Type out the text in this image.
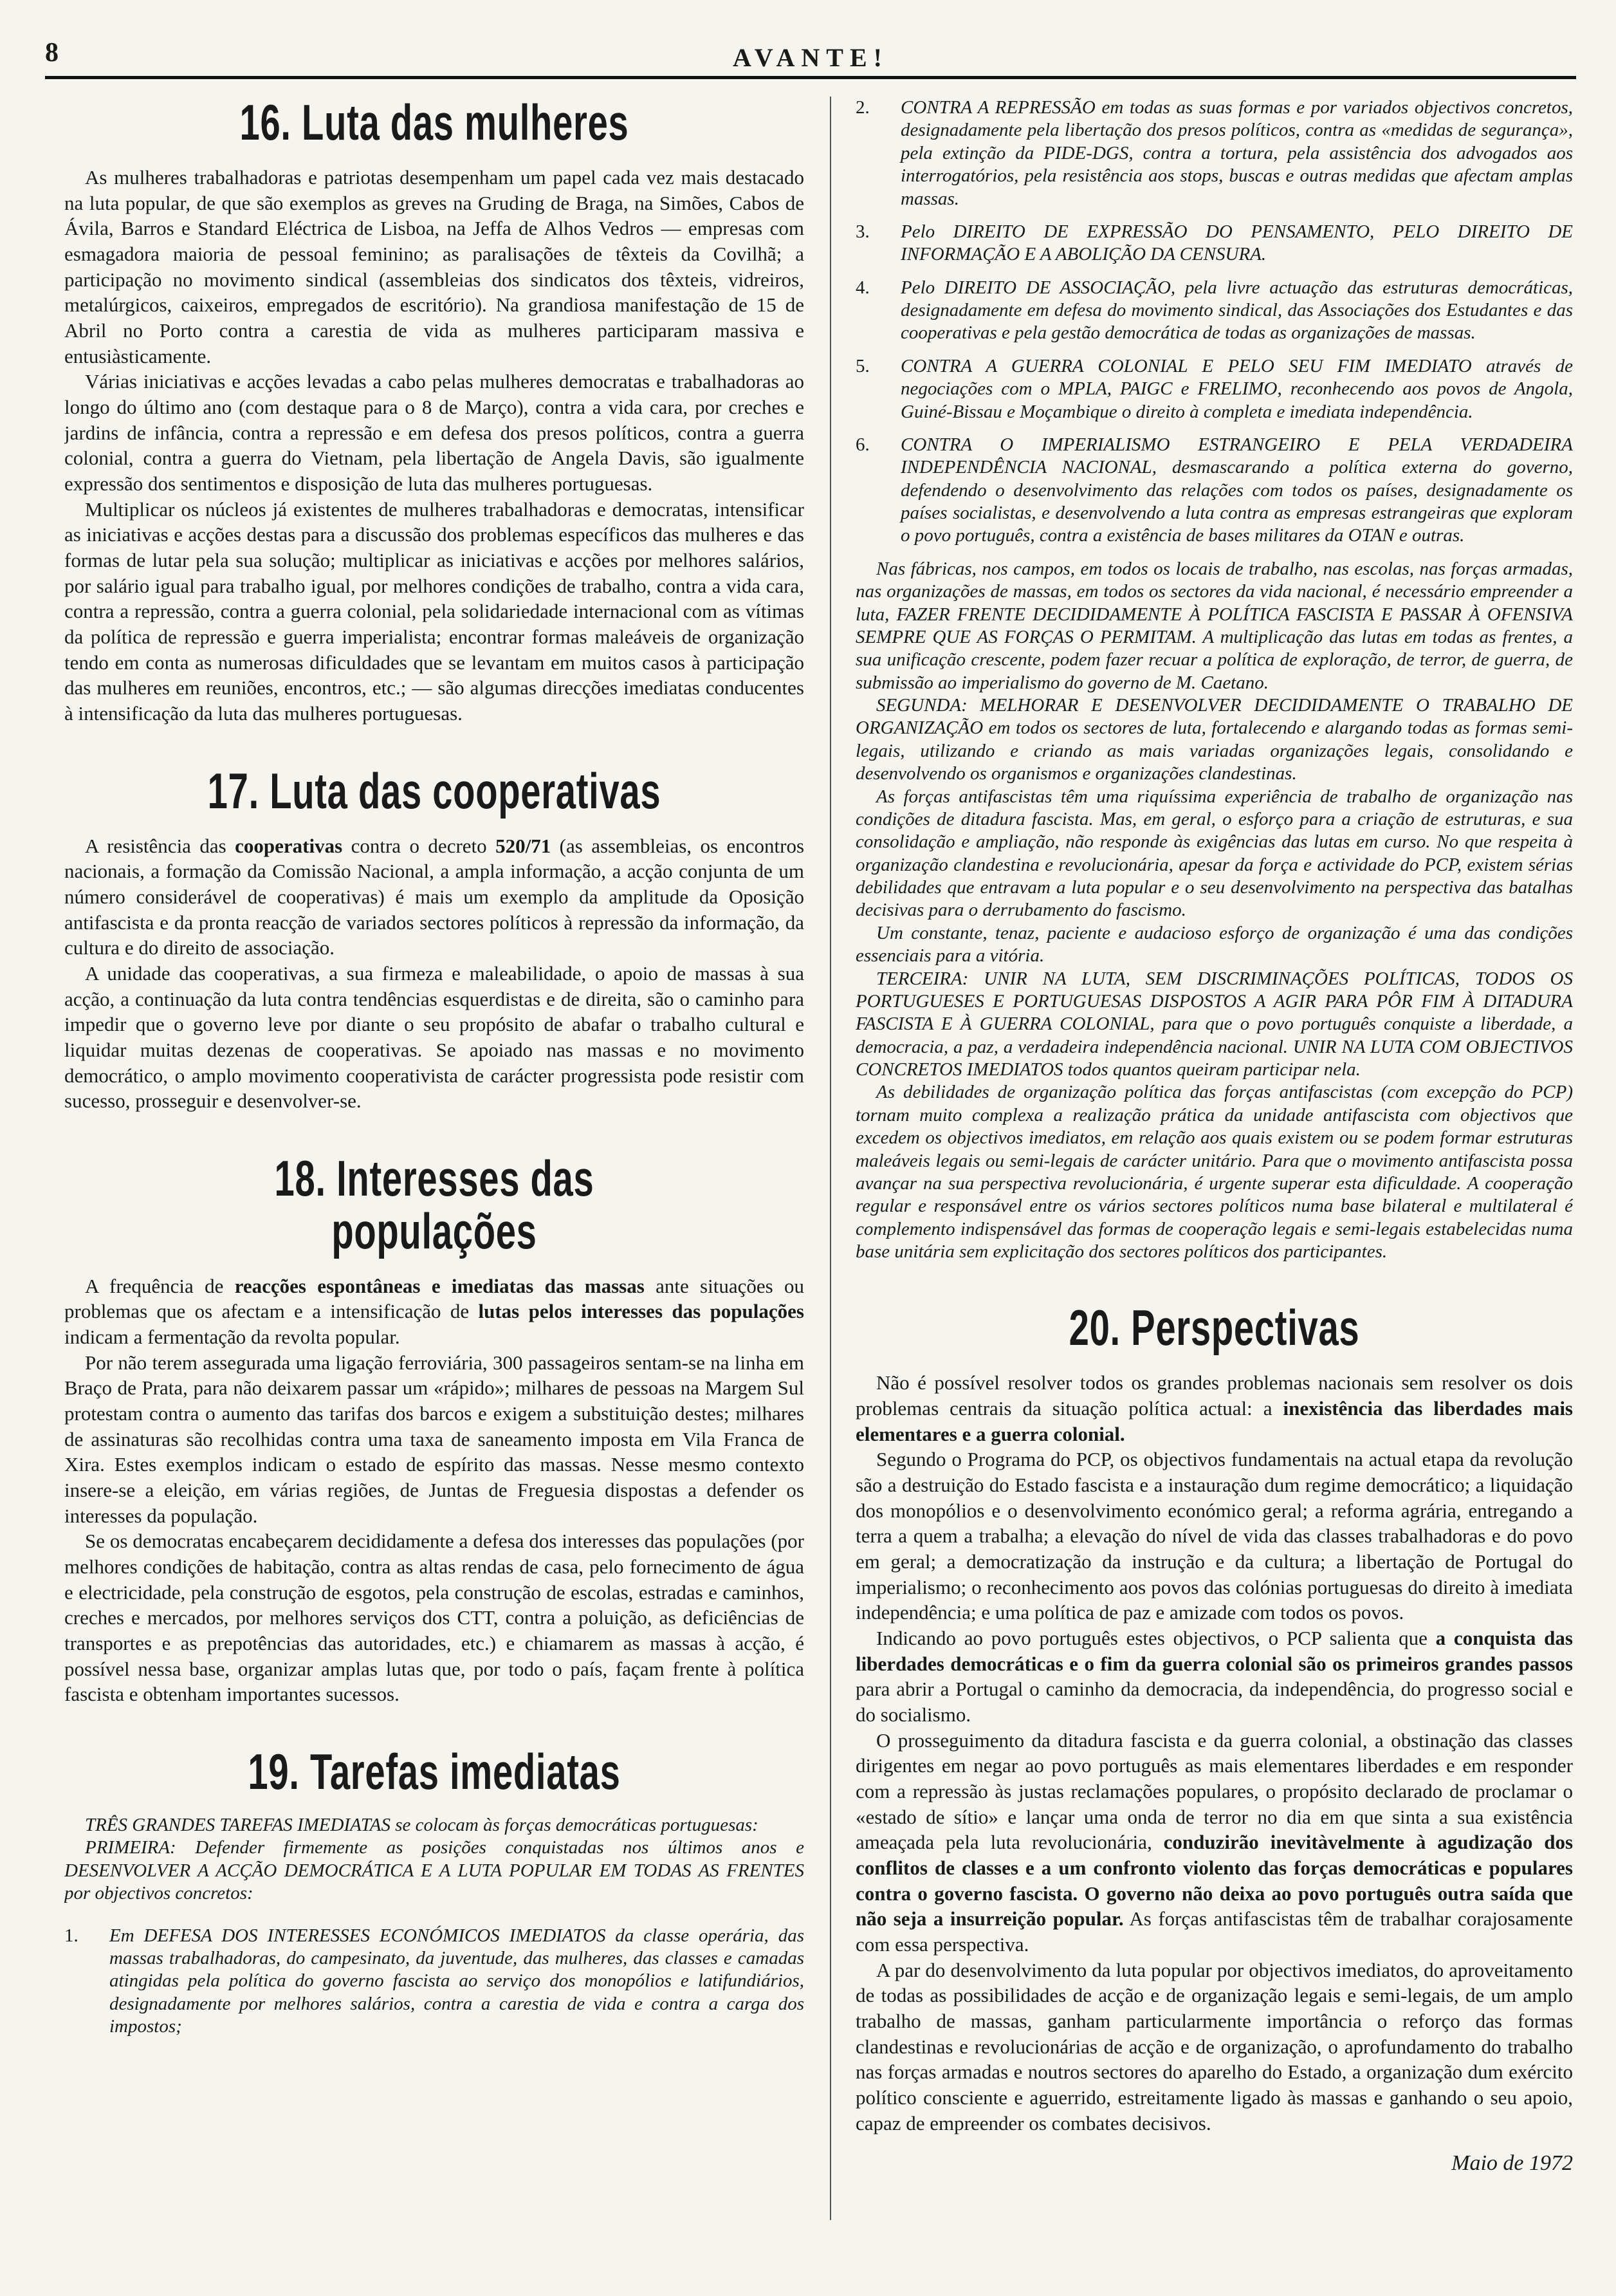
8	AVANTE!
16. Luta das mulheres

As mulheres trabalhadoras e patriotas desempenham um papel cada vez mais destacado na luta popular, de que são exemplos as greves na Gruding de Braga, na Simões, Cabos de Ávila, Barros e Standard Eléctrica de Lisboa, na Jeffa de Alhos Vedros — empresas com esmagadora maioria de pessoal feminino; as paralisações de têxteis da Covilhã; a participação no movimento sindical (assembleias dos sindicatos dos têxteis, vidreiros, metalúrgicos, caixeiros, empregados de escritório). Na grandiosa manifestação de 15 de Abril no Porto contra a carestia de vida as mulheres participaram massiva e entusiàsticamente.

Várias iniciativas e acções levadas a cabo pelas mulheres democratas e trabalhadoras ao longo do último ano (com destaque para o 8 de Março), contra a vida cara, por creches e jardins de infância, contra a repressão e em defesa dos presos políticos, contra a guerra colonial, contra a guerra do Vietnam, pela libertação de Angela Davis, são igualmente expressão dos sentimentos e disposição de luta das mulheres portuguesas.

Multiplicar os núcleos já existentes de mulheres trabalhadoras e democratas, intensificar as iniciativas e acções destas para a discussão dos problemas específicos das mulheres e das formas de lutar pela sua solução; multiplicar as iniciativas e acções por melhores salários, por salário igual para trabalho igual, por melhores condições de trabalho, contra a vida cara, contra a repressão, contra a guerra colonial, pela solidariedade internacional com as vítimas da política de repressão e guerra imperialista; encontrar formas maleáveis de organização tendo em conta as numerosas dificuldades que se levantam em muitos casos à participação das mulheres em reuniões, encontros, etc.; — são algumas direcções imediatas conducentes à intensificação da luta das mulheres portuguesas.

17. Luta das cooperativas

A resistência das cooperativas contra o decreto 520/71 (as assembleias, os encontros nacionais, a formação da Comissão Nacional, a ampla informação, a acção conjunta de um número considerável de cooperativas) é mais um exemplo da amplitude da Oposição antifascista e da pronta reacção de variados sectores políticos à repressão da informação, da cultura e do direito de associação.

A unidade das cooperativas, a sua firmeza e maleabilidade, o apoio de massas à sua acção, a continuação da luta contra tendências esquerdistas e de direita, são o caminho para impedir que o governo leve por diante o seu propósito de abafar o trabalho cultural e liquidar muitas dezenas de cooperativas. Se apoiado nas massas e no movimento democrático, o amplo movimento cooperativista de carácter progressista pode resistir com sucesso, prosseguir e desenvolver-se.

18. Interesses das populações

A frequência de reacções espontâneas e imediatas das massas ante situações ou problemas que os afectam e a intensificação de lutas pelos interesses das populações indicam a fermentação da revolta popular.

Por não terem assegurada uma ligação ferroviária, 300 passageiros sentam-se na linha em Braço de Prata, para não deixarem passar um «rápido»; milhares de pessoas na Margem Sul protestam contra o aumento das tarifas dos barcos e exigem a substituição destes; milhares de assinaturas são recolhidas contra uma taxa de saneamento imposta em Vila Franca de Xira. Estes exemplos indicam o estado de espírito das massas. Nesse mesmo contexto insere-se a eleição, em várias regiões, de Juntas de Freguesia dispostas a defender os interesses da população.

Se os democratas encabeçarem decididamente a defesa dos interesses das populações (por melhores condições de habitação, contra as altas rendas de casa, pelo fornecimento de água e electricidade, pela construção de esgotos, pela construção de escolas, estradas e caminhos, creches e mercados, por melhores serviços dos CTT, contra a poluição, as deficiências de transportes e as prepotências das autoridades, etc.) e chiamarem as massas à acção, é possível nessa base, organizar amplas lutas que, por todo o país, façam frente à política fascista e obtenham importantes sucessos.

19. Tarefas imediatas

TRÊS GRANDES TAREFAS IMEDIATAS se colocam às forças democráticas portuguesas:

PRIMEIRA: Defender firmemente as posições conquistadas nos últimos anos e DESENVOLVER A ACÇÃO DEMOCRÁTICA E A LUTA POPULAR EM TODAS AS FRENTES por objectivos concretos:

1.	Em DEFESA DOS INTERESSES ECONÓMICOS IMEDIATOS da classe operária, das massas trabalhadoras, do campesinato, da juventude, das mulheres, das classes e camadas atingidas pela política do governo fascista ao serviço dos monopólios e latifundiários, designadamente por melhores salários, contra a carestia de vida e contra a carga dos impostos;
2.	CONTRA A REPRESSÃO em todas as suas formas e por variados objectivos concretos, designadamente pela libertação dos presos políticos, contra as «medidas de segurança», pela extinção da PIDE-DGS, contra a tortura, pela assistência dos advogados aos interrogatórios, pela resistência aos stops, buscas e outras medidas que afectam amplas massas.
3.	Pelo DIREITO DE EXPRESSÃO DO PENSAMENTO, PELO DIREITO DE INFORMAÇÃO E A ABOLIÇÃO DA CENSURA.
4.	Pelo DIREITO DE ASSOCIAÇÃO, pela livre actuação das estruturas democráticas, designadamente em defesa do movimento sindical, das Associações dos Estudantes e das cooperativas e pela gestão democrática de todas as organizações de massas.
5.	CONTRA A GUERRA COLONIAL E PELO SEU FIM IMEDIATO através de negociações com o MPLA, PAIGC e FRELIMO, reconhecendo aos povos de Angola, Guiné-Bissau e Moçambique o direito à completa e imediata independência.
6.	CONTRA O IMPERIALISMO ESTRANGEIRO E PELA VERDADEIRA INDEPENDÊNCIA NACIONAL, desmascarando a política externa do governo, defendendo o desenvolvimento das relações com todos os países, designadamente os países socialistas, e desenvolvendo a luta contra as empresas estrangeiras que exploram o povo português, contra a existência de bases militares da OTAN e outras.

Nas fábricas, nos campos, em todos os locais de trabalho, nas escolas, nas forças armadas, nas organizações de massas, em todos os sectores da vida nacional, é necessário empreender a luta, FAZER FRENTE DECIDIDAMENTE À POLÍTICA FASCISTA E PASSAR À OFENSIVA SEMPRE QUE AS FORÇAS O PERMITAM. A multiplicação das lutas em todas as frentes, a sua unificação crescente, podem fazer recuar a política de exploração, de terror, de guerra, de submissão ao imperialismo do governo de M. Caetano.

SEGUNDA: MELHORAR E DESENVOLVER DECIDIDAMENTE O TRABALHO DE ORGANIZAÇÃO em todos os sectores de luta, fortalecendo e alargando todas as formas semi-legais, utilizando e criando as mais variadas organizações legais, consolidando e desenvolvendo os organismos e organizações clandestinas.

As forças antifascistas têm uma riquíssima experiência de trabalho de organização nas condições de ditadura fascista. Mas, em geral, o esforço para a criação de estruturas, e sua consolidação e ampliação, não responde às exigências das lutas em curso. No que respeita à organização clandestina e revolucionária, apesar da força e actividade do PCP, existem sérias debilidades que entravam a luta popular e o seu desenvolvimento na perspectiva das batalhas decisivas para o derrubamento do fascismo.

Um constante, tenaz, paciente e audacioso esforço de organização é uma das condições essenciais para a vitória.

TERCEIRA: UNIR NA LUTA, SEM DISCRIMINAÇÕES POLÍTICAS, TODOS OS PORTUGUESES E PORTUGUESAS DISPOSTOS A AGIR PARA PÔR FIM À DITADURA FASCISTA E À GUERRA COLONIAL, para que o povo português conquiste a liberdade, a democracia, a paz, a verdadeira independência nacional. UNIR NA LUTA COM OBJECTIVOS CONCRETOS IMEDIATOS todos quantos queiram participar nela.

As debilidades de organização política das forças antifascistas (com excepção do PCP) tornam muito complexa a realização prática da unidade antifascista com objectivos que excedem os objectivos imediatos, em relação aos quais existem ou se podem formar estruturas maleáveis legais ou semi-legais de carácter unitário. Para que o movimento antifascista possa avançar na sua perspectiva revolucionária, é urgente superar esta dificuldade. A cooperação regular e responsável entre os vários sectores políticos numa base bilateral e multilateral é complemento indispensável das formas de cooperação legais e semi-legais estabelecidas numa base unitária sem explicitação dos sectores políticos dos participantes.

20. Perspectivas

Não é possível resolver todos os grandes problemas nacionais sem resolver os dois problemas centrais da situação política actual: a inexistência das liberdades mais elementares e a guerra colonial.

Segundo o Programa do PCP, os objectivos fundamentais na actual etapa da revolução são a destruição do Estado fascista e a instauração dum regime democrático; a liquidação dos monopólios e o desenvolvimento económico geral; a reforma agrária, entregando a terra a quem a trabalha; a elevação do nível de vida das classes trabalhadoras e do povo em geral; a democratização da instrução e da cultura; a libertação de Portugal do imperialismo; o reconhecimento aos povos das colónias portuguesas do direito à imediata independência; e uma política de paz e amizade com todos os povos.

Indicando ao povo português estes objectivos, o PCP salienta que a conquista das liberdades democráticas e o fim da guerra colonial são os primeiros grandes passos para abrir a Portugal o caminho da democracia, da independência, do progresso social e do socialismo.

O prosseguimento da ditadura fascista e da guerra colonial, a obstinação das classes dirigentes em negar ao povo português as mais elementares liberdades e em responder com a repressão às justas reclamações populares, o propósito declarado de proclamar o «estado de sítio» e lançar uma onda de terror no dia em que sinta a sua existência ameaçada pela luta revolucionária, conduzirão inevitàvelmente à agudização dos conflitos de classes e a um confronto violento das forças democráticas e populares contra o governo fascista. O governo não deixa ao povo português outra saída que não seja a insurreição popular. As forças antifascistas têm de trabalhar corajosamente com essa perspectiva.

A par do desenvolvimento da luta popular por objectivos imediatos, do aproveitamento de todas as possibilidades de acção e de organização legais e semi-legais, de um amplo trabalho de massas, ganham particularmente importância o reforço das formas clandestinas e revolucionárias de acção e de organização, o aprofundamento do trabalho nas forças armadas e noutros sectores do aparelho do Estado, a organização dum exército político consciente e aguerrido, estreitamente ligado às massas e ganhando o seu apoio, capaz de empreender os combates decisivos.

Maio de 1972
